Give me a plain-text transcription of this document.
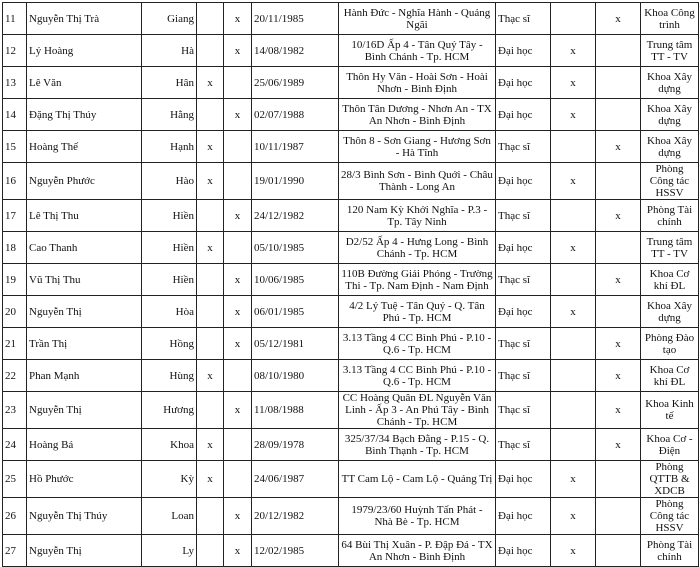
11	Nguyễn Thị Trà	Giang		x	20/11/1985	Hành Đức - Nghĩa Hành - Quảng Ngãi	Thạc sĩ		x	Khoa Công trình
12	Lý Hoàng	Hà		x	14/08/1982	10/16D Ấp 4 - Tân Quý Tây - Bình Chánh - Tp. HCM	Đại học	x		Trung tâm TT - TV
13	Lê Văn	Hân	x		25/06/1989	Thôn Hy Văn - Hoài Sơn - Hoài Nhơn - Bình Định	Đại học	x		Khoa Xây dựng
14	Đặng Thị Thúy	Hằng		x	02/07/1988	Thôn Tân Dương - Nhơn An - TX An Nhơn - Bình Định	Đại học	x		Khoa Xây dựng
15	Hoàng Thế	Hạnh	x		10/11/1987	Thôn 8 - Sơn Giang - Hương Sơn - Hà Tĩnh	Thạc sĩ		x	Khoa Xây dựng
16	Nguyễn Phước	Hào	x		19/01/1990	28/3 Bình Sơn - Bình Quới - Châu Thành - Long An	Đại học	x		Phòng Công tác HSSV
17	Lê Thị Thu	Hiền		x	24/12/1982	120 Nam Kỳ Khởi Nghĩa - P.3 - Tp. Tây Ninh	Thạc sĩ		x	Phòng Tài chính
18	Cao Thanh	Hiền	x		05/10/1985	D2/52 Ấp 4 - Hưng Long - Bình Chánh - Tp. HCM	Đại học	x		Trung tâm TT - TV
19	Vũ Thị Thu	Hiền		x	10/06/1985	110B Đường Giải Phóng - Trường Thi - Tp. Nam Định - Nam Định	Thạc sĩ		x	Khoa Cơ khí ĐL
20	Nguyễn Thị	Hòa		x	06/01/1985	4/2 Lý Tuệ - Tân Quý - Q. Tân Phú - Tp. HCM	Đại học	x		Khoa Xây dựng
21	Trần Thị	Hồng		x	05/12/1981	3.13 Tầng 4 CC Bình Phú - P.10 - Q.6 - Tp. HCM	Thạc sĩ		x	Phòng Đào tạo
22	Phan Mạnh	Hùng	x		08/10/1980	3.13 Tầng 4 CC Bình Phú - P.10 - Q.6 - Tp. HCM	Thạc sĩ		x	Khoa Cơ khí ĐL
23	Nguyễn Thị	Hương		x	11/08/1988	CC Hoàng Quân ĐL Nguyễn Văn Linh - Ấp 3 - An Phú Tây - Bình Chánh - Tp. HCM	Thạc sĩ		x	Khoa Kinh tế
24	Hoàng Bá	Khoa	x		28/09/1978	325/37/34 Bạch Đằng - P.15 - Q. Bình Thạnh - Tp. HCM	Thạc sĩ		x	Khoa Cơ - Điện
25	Hồ Phước	Kỳ	x		24/06/1987	TT Cam Lộ - Cam Lộ - Quảng Trị	Đại học	x		Phòng QTTB & XDCB
26	Nguyễn Thị Thúy	Loan		x	20/12/1982	1979/23/60 Huỳnh Tấn Phát - Nhà Bè - Tp. HCM	Đại học	x		Phòng Công tác HSSV
27	Nguyễn Thị	Ly		x	12/02/1985	64 Bùi Thị Xuân - P. Đập Đá - TX An Nhơn - Bình Định	Đại học	x		Phòng Tài chính
